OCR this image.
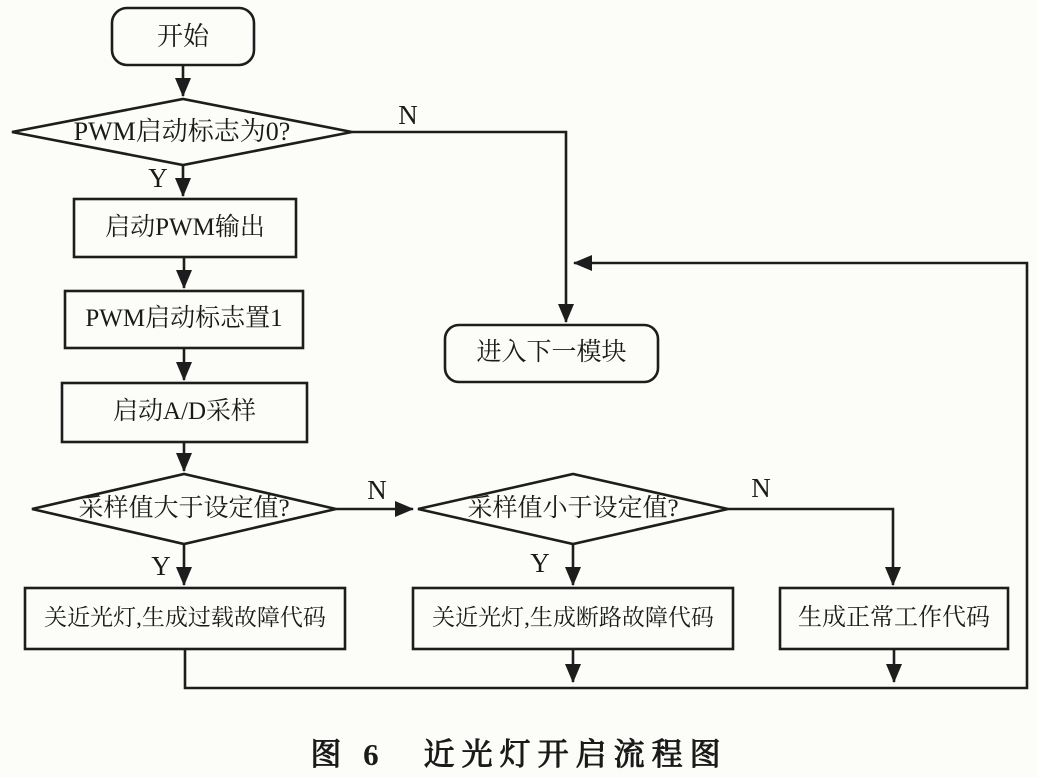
开始
PWM启动标志为0?
启动PWM输出
PWM启动标志置1
启动A/D采样
采样值大于设定值?	采样值小于设定值?
关近光灯,生成过载故障代码	关近光灯,生成断路故障代码	生成正常工作代码
进入下一模块
N
Y
N
Y
N
Y
图 6　近光灯开启流程图
